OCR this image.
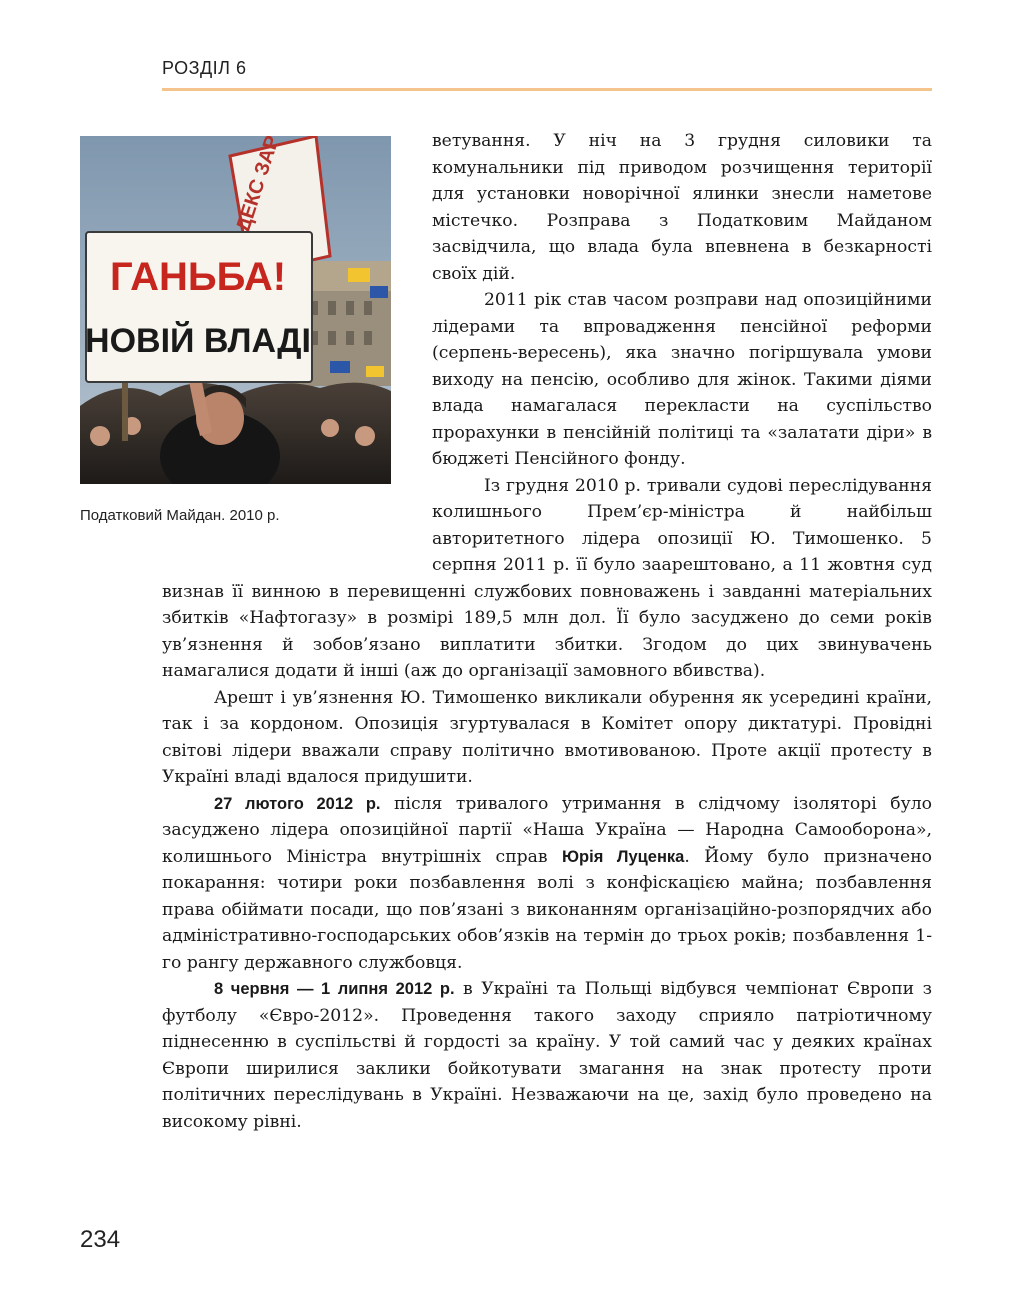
РОЗДІЛ 6
КОДЕКС
ГАНЬБА!
НОВІЙ ВЛАДІ
Податковий Майдан. 2010 р.

ветування. У ніч на 3 грудня силовики та комунальники під приводом розчищення території для установки новорічної ялинки знесли наметове містечко. Розправа з Податковим Майданом засвідчила, що влада була впевнена в безкарності своїх дій.

2011 рік став часом розправи над опозиційними лідерами та впровадження пенсійної реформи (серпень-вересень), яка значно погіршувала умови виходу на пенсію, особливо для жінок. Такими діями влада намагалася перекласти на суспільство прорахунки в пенсійній політиці та «залатати діри» в бюджеті Пенсійного фонду.

Із грудня 2010 р. тривали судові переслідування колишнього Прем’єр-міністра й найбільш авторитетного лідера опозиції Ю. Тимошенко. 5 серпня 2011 р. її було заарештовано, а 11 жовтня суд визнав її винною в перевищенні службових повноважень і завданні матеріальних збитків «Нафтогазу» в розмірі 189,5 млн дол. Її було засуджено до семи років ув’язнення й зобов’язано виплатити збитки. Згодом до цих звинувачень намагалися додати й інші (аж до організації замовного вбивства).

Арешт і ув’язнення Ю. Тимошенко викликали обурення як усередині країни, так і за кордоном. Опозиція згуртувалася в Комітет опору диктатурі. Провідні світові лідери вважали справу політично вмотивованою. Проте акції протесту в Україні владі вдалося придушити.

27 лютого 2012 р. після тривалого утримання в слідчому ізоляторі було засуджено лідера опозиційної партії «Наша Україна — Народна Самооборона», колишнього Міністра внутрішніх справ Юрія Луценка. Йому було призначено покарання: чотири роки позбавлення волі з конфіскацією майна; позбавлення права обіймати посади, що пов’язані з виконанням організаційно-розпорядчих або адміністративно-господарських обов’язків на термін до трьох років; позбавлення 1-го рангу державного службовця.

8 червня — 1 липня 2012 р. в Україні та Польщі відбувся чемпіонат Європи з футболу «Євро-2012». Проведення такого заходу сприяло патріотичному піднесенню в суспільстві й гордості за країну. У той самий час у деяких країнах Європи ширилися заклики бойкотувати змагання на знак протесту проти політичних переслідувань в Україні. Незважаючи на це, захід було проведено на високому рівні.

234
